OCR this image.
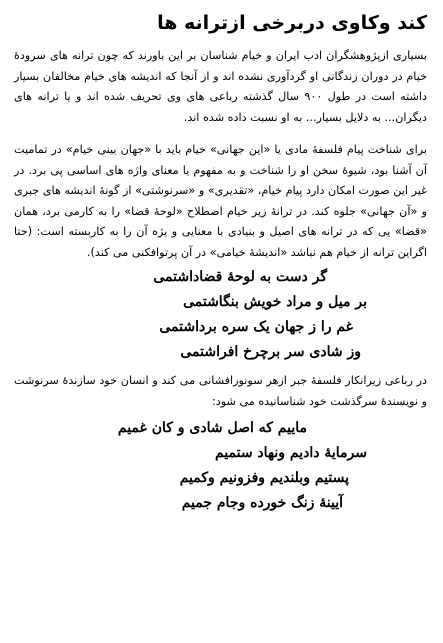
کند وکاوی دربرخی ازترانه ها

بسیاری ازپژوهشگران ادب ایران و خیام شناسان بر این باورند که چون ترانه های سرودهٔ خیام در دوران زندگانی او گردآوری نشده اند و از آنجا که اندیشه های خیام مخالفان بسیار داشته است در طول ۹۰۰ سال گذشته رباعی های وی تحریف شده اند و یا ترانه های دیگران... به دلایل بسیار... به او نسبت داده شده اند.

برای شناخت پیام فلسفهٔ مادی یا «این جهانی» خیام باید با «جهان بینی خیام» در تمامیت آن آشنا بود، شیوهٔ سخن او را شناخت و به مفهوم یا معنای واژه های اساسی پی برد. در غیر این صورت امکان دارد پیام خیام، «تقدیری» و «سرنوشتی» از گونهٔ اندیشه های جبری و «آن جهانی» جلوه کند. در ترانهٔ زیر خیام اصطلاح «لوحهٔ قضا» را به کارمی برد، همان «قضا» یی که در ترانه های اصیل و بنیادی با معنایی و یژه آن را به کاربسته است: (حتا اگراین ترانه از خیام هم نباشد «اندیشهٔ خیامی» در آن پرتوافکنی می کند).

گر دست به لوحهٔ قضاداشتمی
بر میل و مراد خویش بنگاشتمی
غم را ز جهان یک سره برداشتمی
وز شادی سر برچرخ افراشتمی

در رباعی زیرانکار فلسفهٔ جبر ازهر سونورافشانی می کند و انسان خود سازندهٔ سرنوشت و نویسندهٔ سرگذشت خود شناسانیده می شود:

ماییم که اصل شادی و کان غمیم
سرمایهٔ دادیم ونهاد ستمیم
پستیم وبلندیم وفزونیم وکمیم
آیینهٔ زنگ خورده وجام جمیم
